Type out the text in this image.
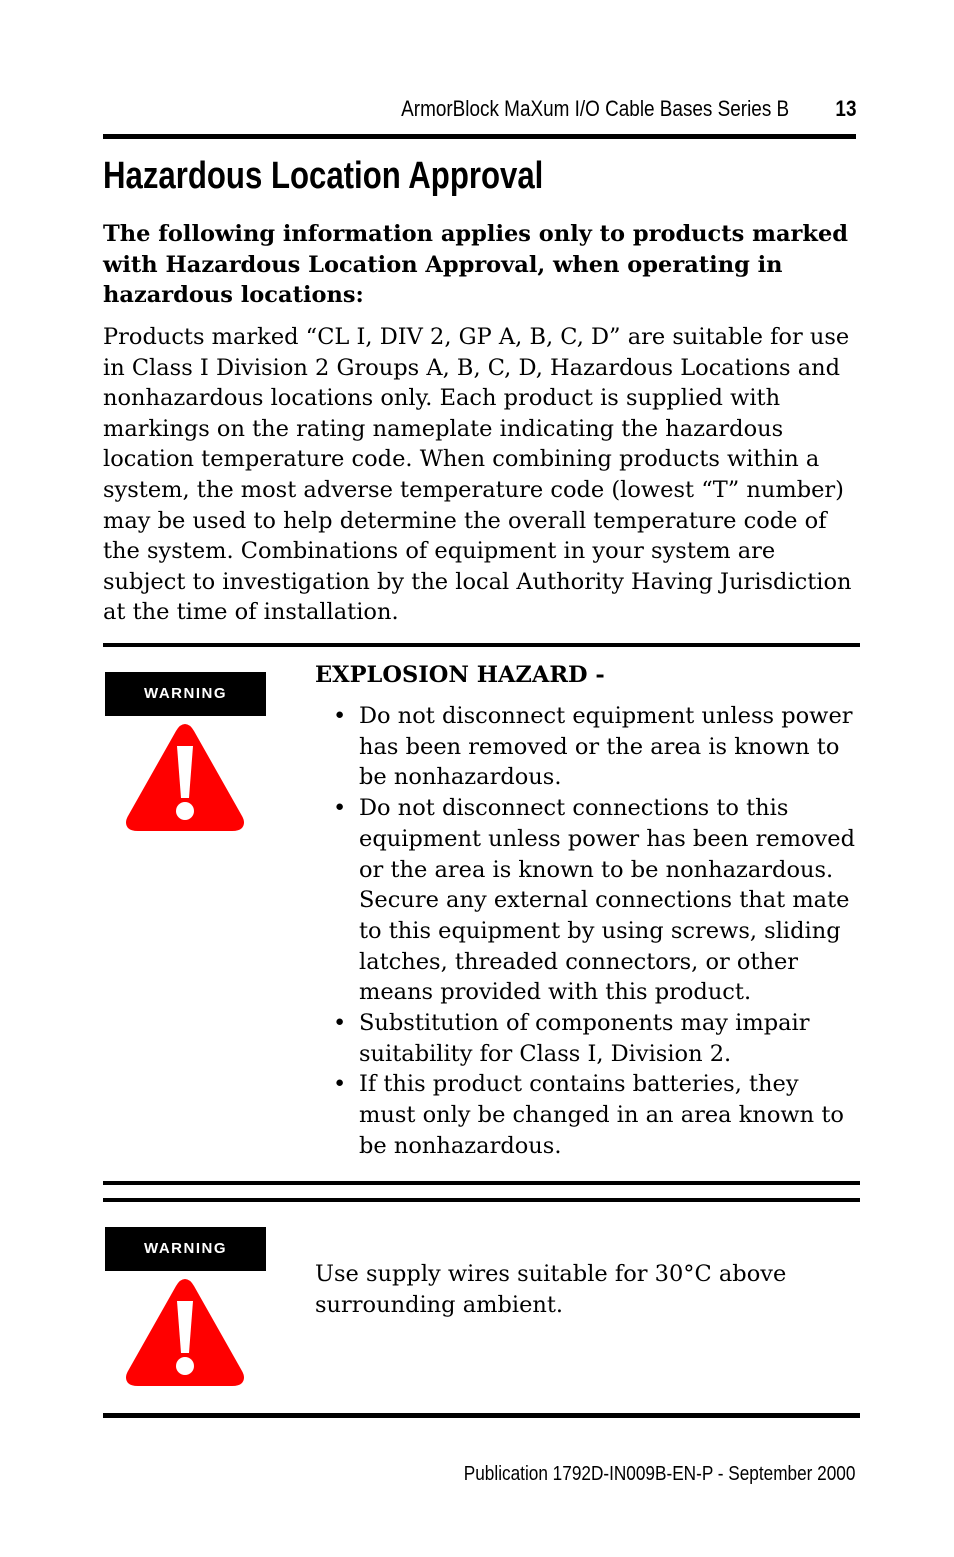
ArmorBlock MaXum I/O Cable Bases Series B 13
Hazardous Location Approval

The following information applies only to products marked with Hazardous Location Approval, when operating in hazardous locations:

Products marked “CL I, DIV 2, GP A, B, C, D” are suitable for use in Class I Division 2 Groups A, B, C, D, Hazardous Locations and nonhazardous locations only. Each product is supplied with markings on the rating nameplate indicating the hazardous location temperature code. When combining products within a system, the most adverse temperature code (lowest “T” number) may be used to help determine the overall temperature code of the system. Combinations of equipment in your system are subject to investigation by the local Authority Having Jurisdiction at the time of installation.

WARNING

EXPLOSION HAZARD -

• Do not disconnect equipment unless power has been removed or the area is known to be nonhazardous.
• Do not disconnect connections to this equipment unless power has been removed or the area is known to be nonhazardous. Secure any external connections that mate to this equipment by using screws, sliding latches, threaded connectors, or other means provided with this product.
• Substitution of components may impair suitability for Class I, Division 2.
• If this product contains batteries, they must only be changed in an area known to be nonhazardous.
WARNING

Use supply wires suitable for 30°C above surrounding ambient.

Publication 1792D-IN009B-EN-P - September 2000
